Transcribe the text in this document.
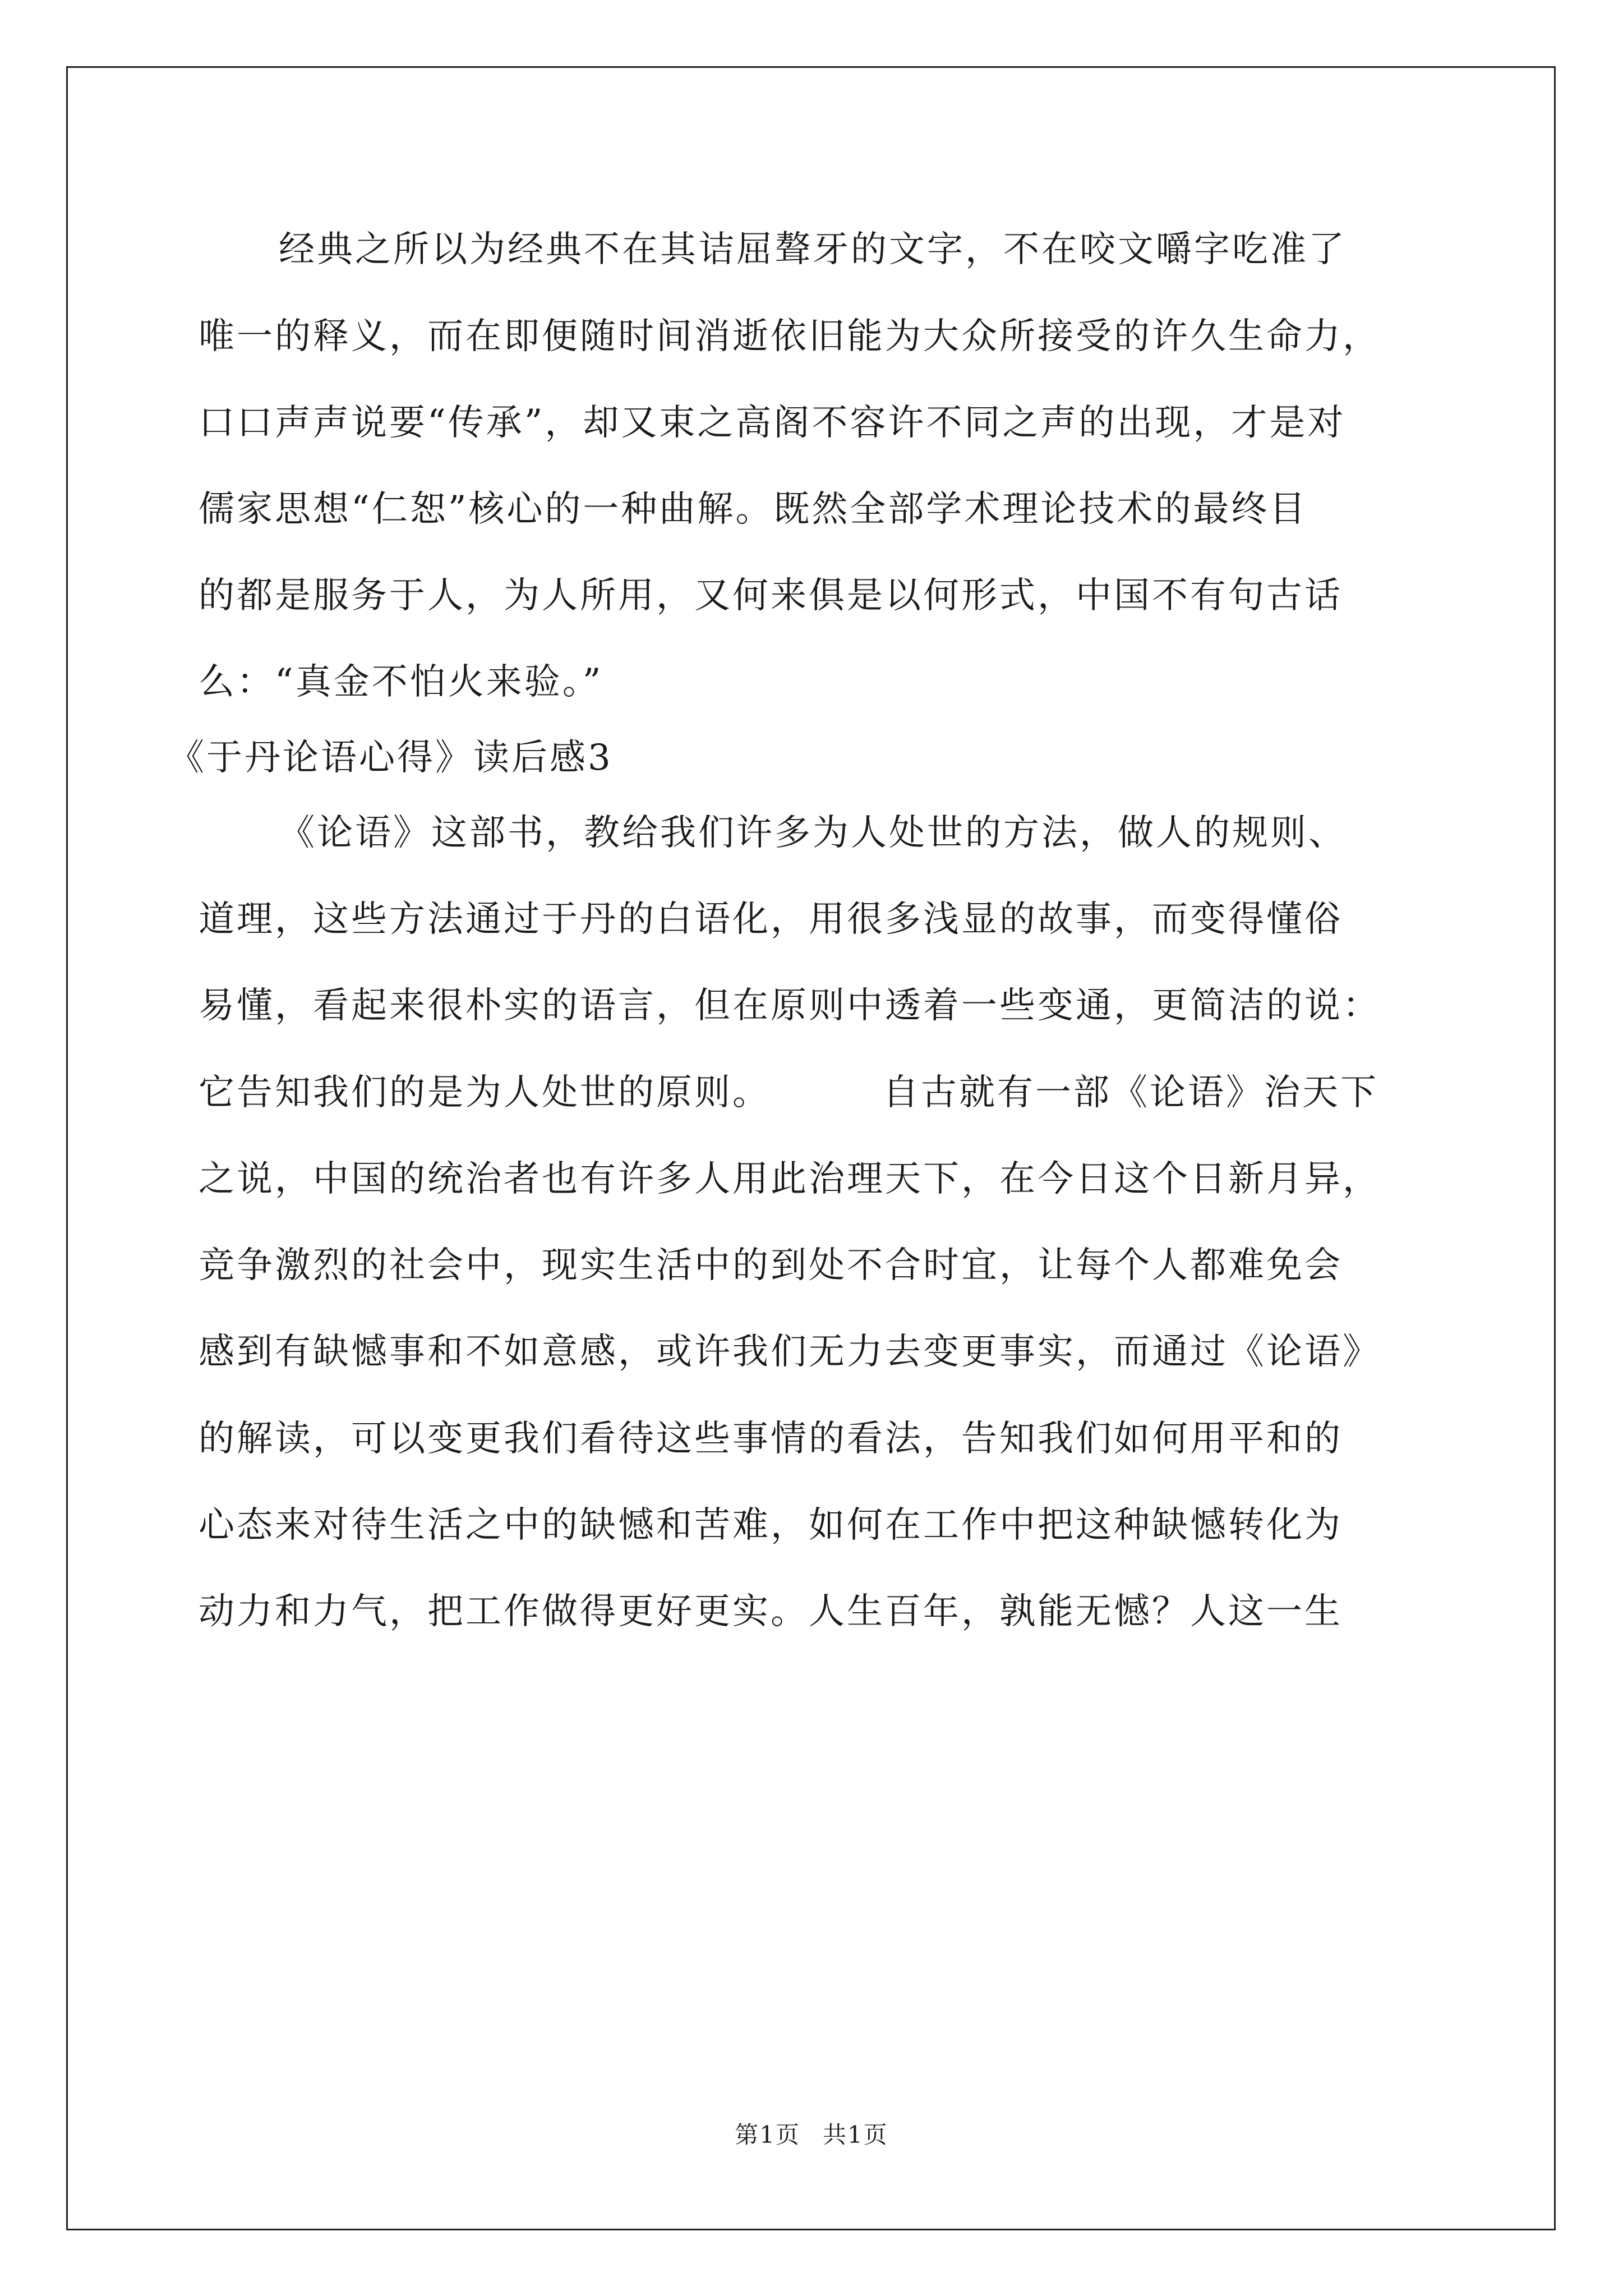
经典之所以为经典不在其诘屈聱牙的文字，不在咬文嚼字吃准了
唯一的释义，而在即便随时间消逝依旧能为大众所接受的许久生命力，
口口声声说要“传承”，却又束之高阁不容许不同之声的出现，才是对
儒家思想“仁恕”核心的一种曲解。既然全部学术理论技术的最终目
的都是服务于人，为人所用，又何来俱是以何形式，中国不有句古话
么：“真金不怕火来验。”
《于丹论语心得》读后感3
《论语》这部书，教给我们许多为人处世的方法，做人的规则、
道理，这些方法通过于丹的白语化，用很多浅显的故事，而变得懂俗
易懂，看起来很朴实的语言，但在原则中透着一些变通，更简洁的说：
它告知我们的是为人处世的原则。	自古就有一部《论语》治天下
之说，中国的统治者也有许多人用此治理天下，在今日这个日新月异，
竞争激烈的社会中，现实生活中的到处不合时宜，让每个人都难免会
感到有缺憾事和不如意感，或许我们无力去变更事实，而通过《论语》
的解读，可以变更我们看待这些事情的看法，告知我们如何用平和的
心态来对待生活之中的缺憾和苦难，如何在工作中把这种缺憾转化为
动力和力气，把工作做得更好更实。人生百年，孰能无憾？人这一生
第1页 共1页
